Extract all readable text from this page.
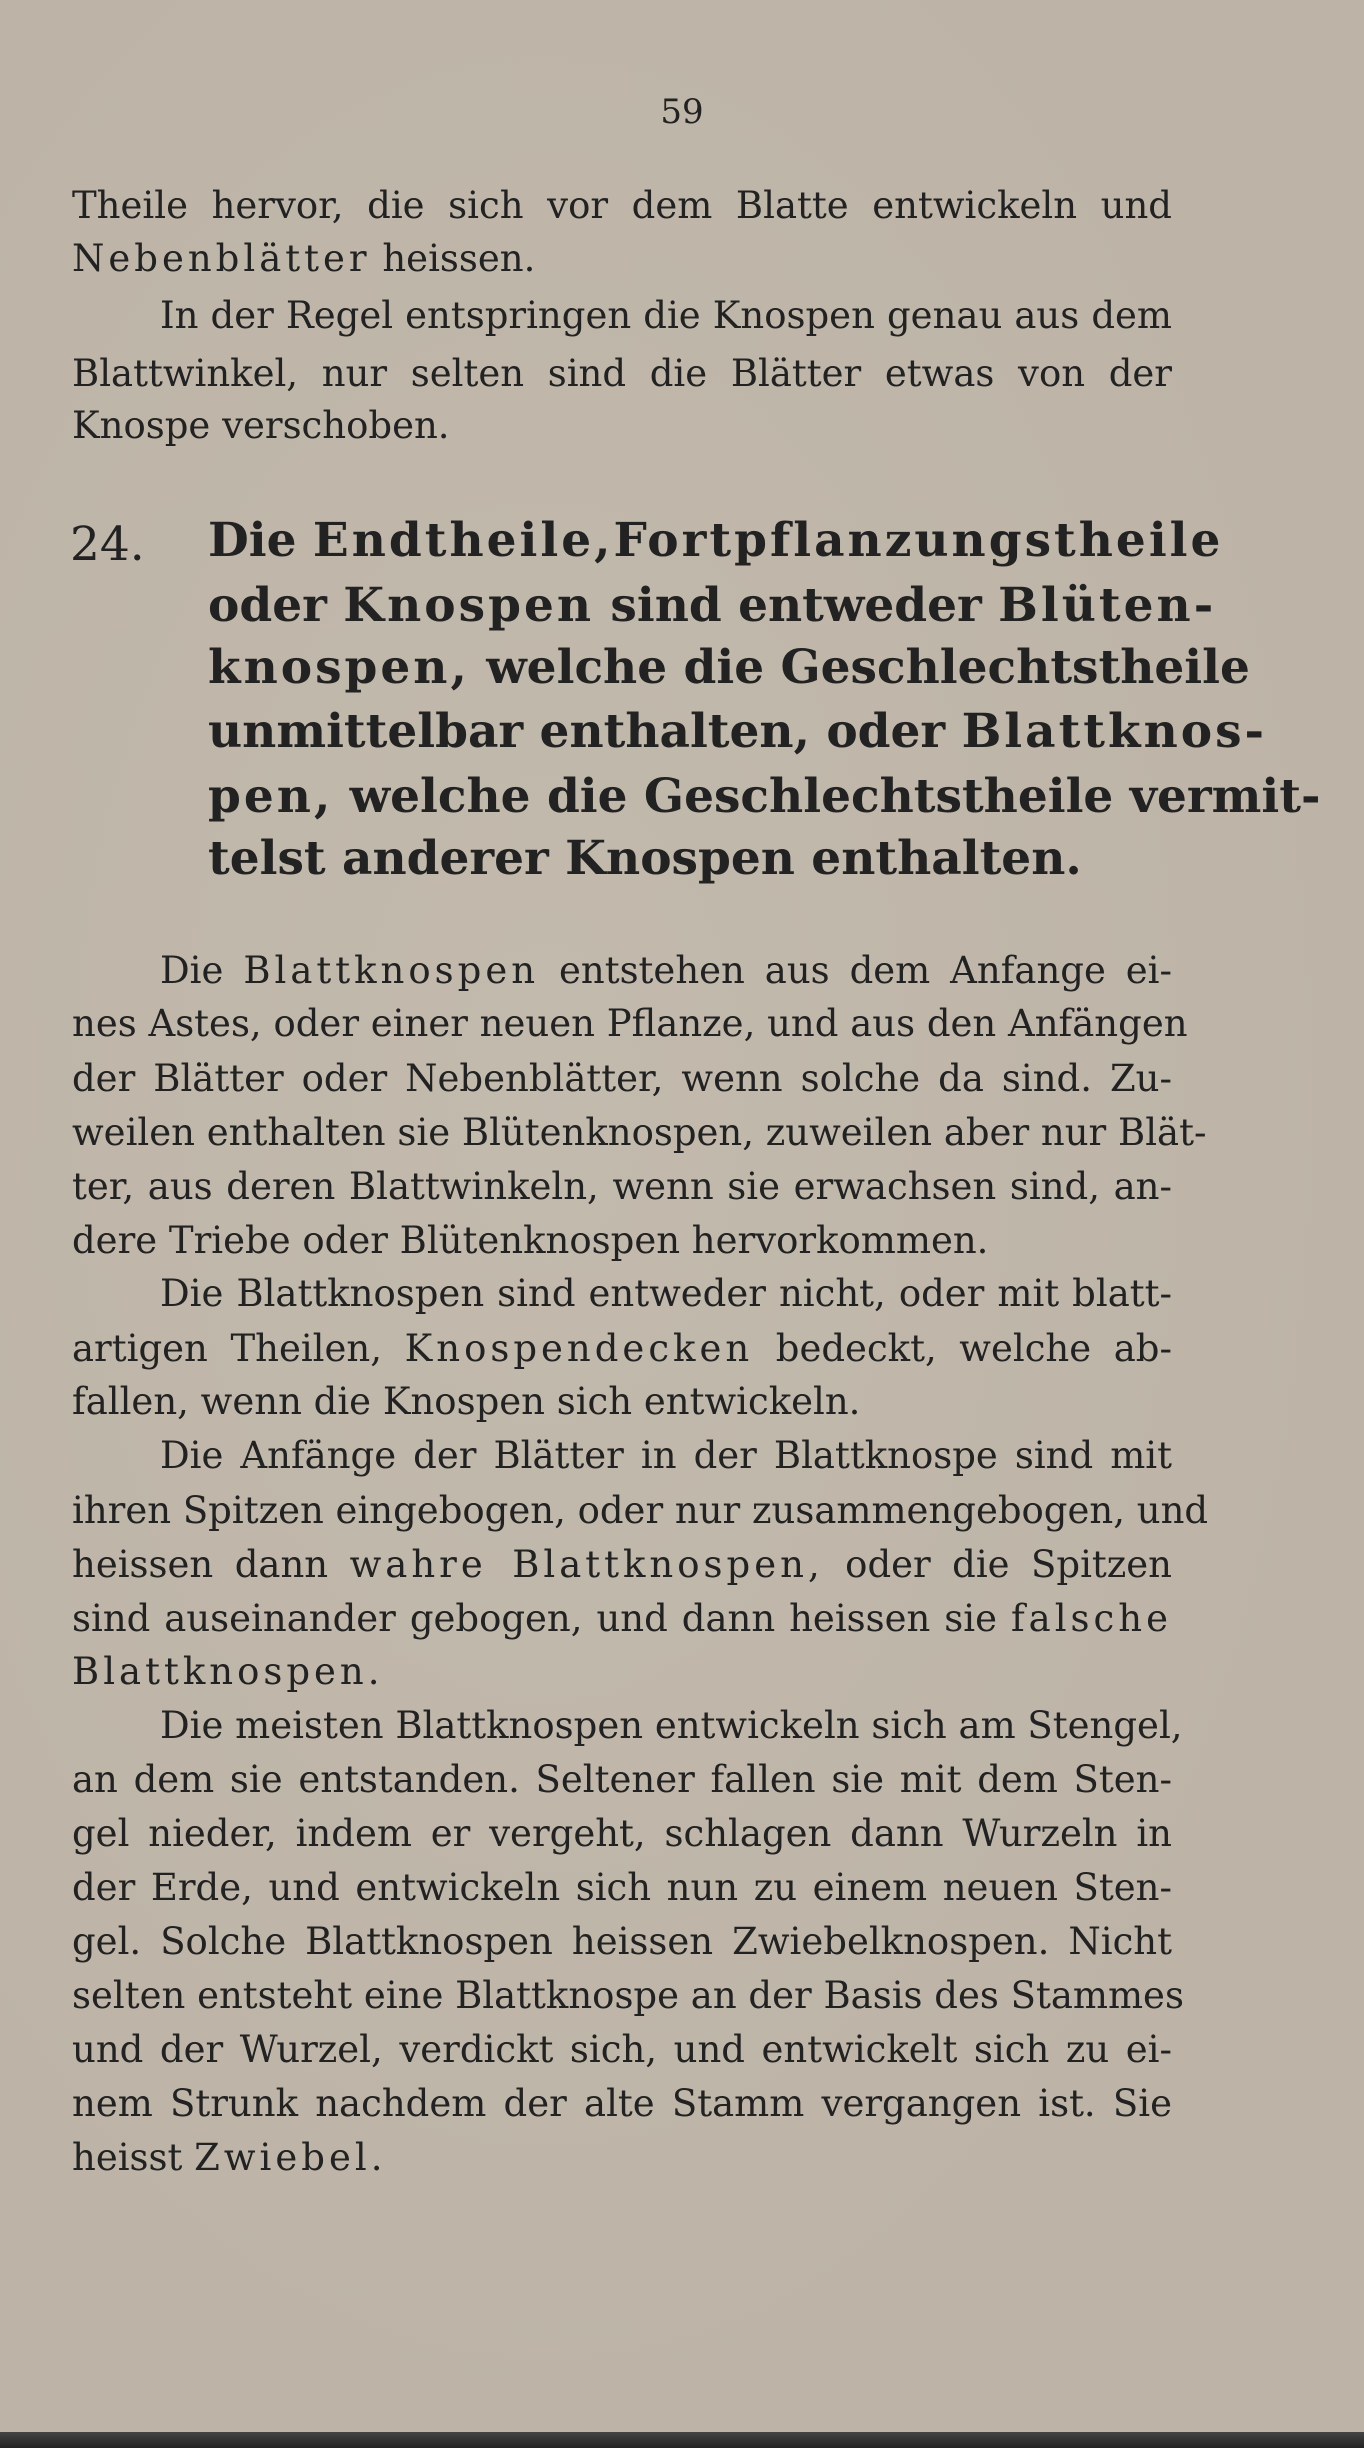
59
Theile hervor, die sich vor dem Blatte entwickeln und
Nebenblätter heissen.
In der Regel entspringen die Knospen genau aus dem
Blattwinkel, nur selten sind die Blätter etwas von der
Knospe verschoben.
24. Die Endtheile,Fortpflanzungstheile
oder Knospen sind entweder Blüten-
knospen, welche die Geschlechtstheile
unmittelbar enthalten, oder Blattknos-
pen, welche die Geschlechtstheile vermit-
telst anderer Knospen enthalten.
Die Blattknospen entstehen aus dem Anfange ei-
nes Astes, oder einer neuen Pflanze, und aus den Anfängen
der Blätter oder Nebenblätter, wenn solche da sind. Zu-
weilen enthalten sie Blütenknospen, zuweilen aber nur Blät-
ter, aus deren Blattwinkeln, wenn sie erwachsen sind, an-
dere Triebe oder Blütenknospen hervorkommen.
Die Blattknospen sind entweder nicht, oder mit blatt-
artigen Theilen, Knospendecken bedeckt, welche ab-
fallen, wenn die Knospen sich entwickeln.
Die Anfänge der Blätter in der Blattknospe sind mit
ihren Spitzen eingebogen, oder nur zusammengebogen, und
heissen dann wahre Blattknospen, oder die Spitzen
sind auseinander gebogen, und dann heissen sie falsche
Blattknospen.
Die meisten Blattknospen entwickeln sich am Stengel,
an dem sie entstanden. Seltener fallen sie mit dem Sten-
gel nieder, indem er vergeht, schlagen dann Wurzeln in
der Erde, und entwickeln sich nun zu einem neuen Sten-
gel. Solche Blattknospen heissen Zwiebelknospen. Nicht
selten entsteht eine Blattknospe an der Basis des Stammes
und der Wurzel, verdickt sich, und entwickelt sich zu ei-
nem Strunk nachdem der alte Stamm vergangen ist. Sie
heisst Zwiebel.
